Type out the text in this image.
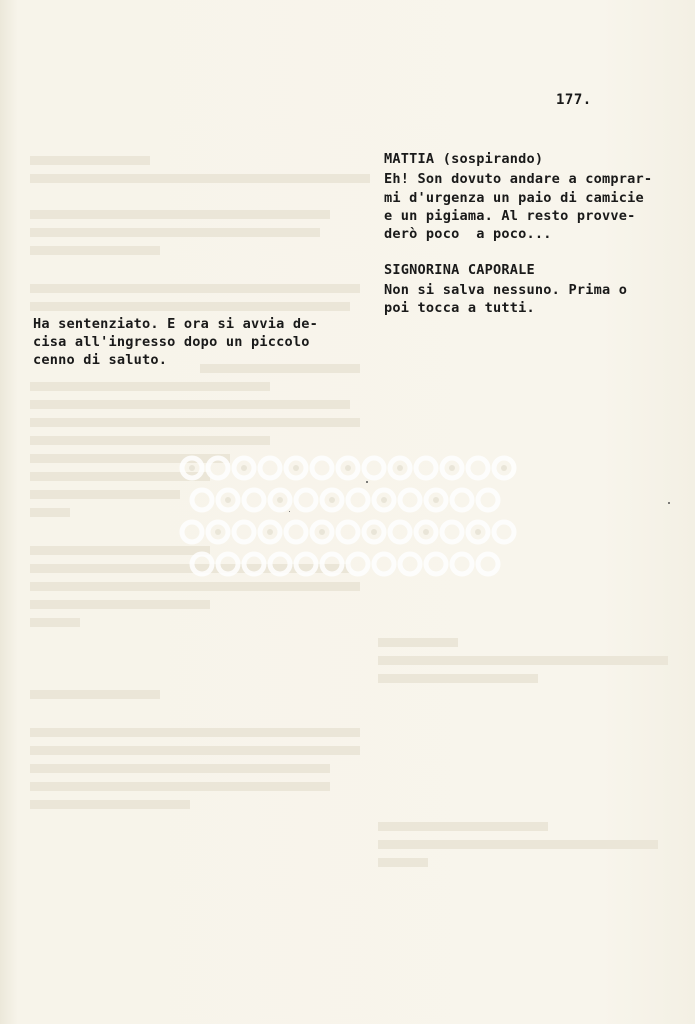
177.
MATTIA (sospirando)
Eh! Son dovuto andare a comprar-
mi d'urgenza un paio di camicie
e un pigiama. Al resto provve-
derò poco  a poco...
SIGNORINA CAPORALE
Non si salva nessuno. Prima o
poi tocca a tutti.
Ha sentenziato. E ora si avvia de-
cisa all'ingresso dopo un piccolo
cenno di saluto.
